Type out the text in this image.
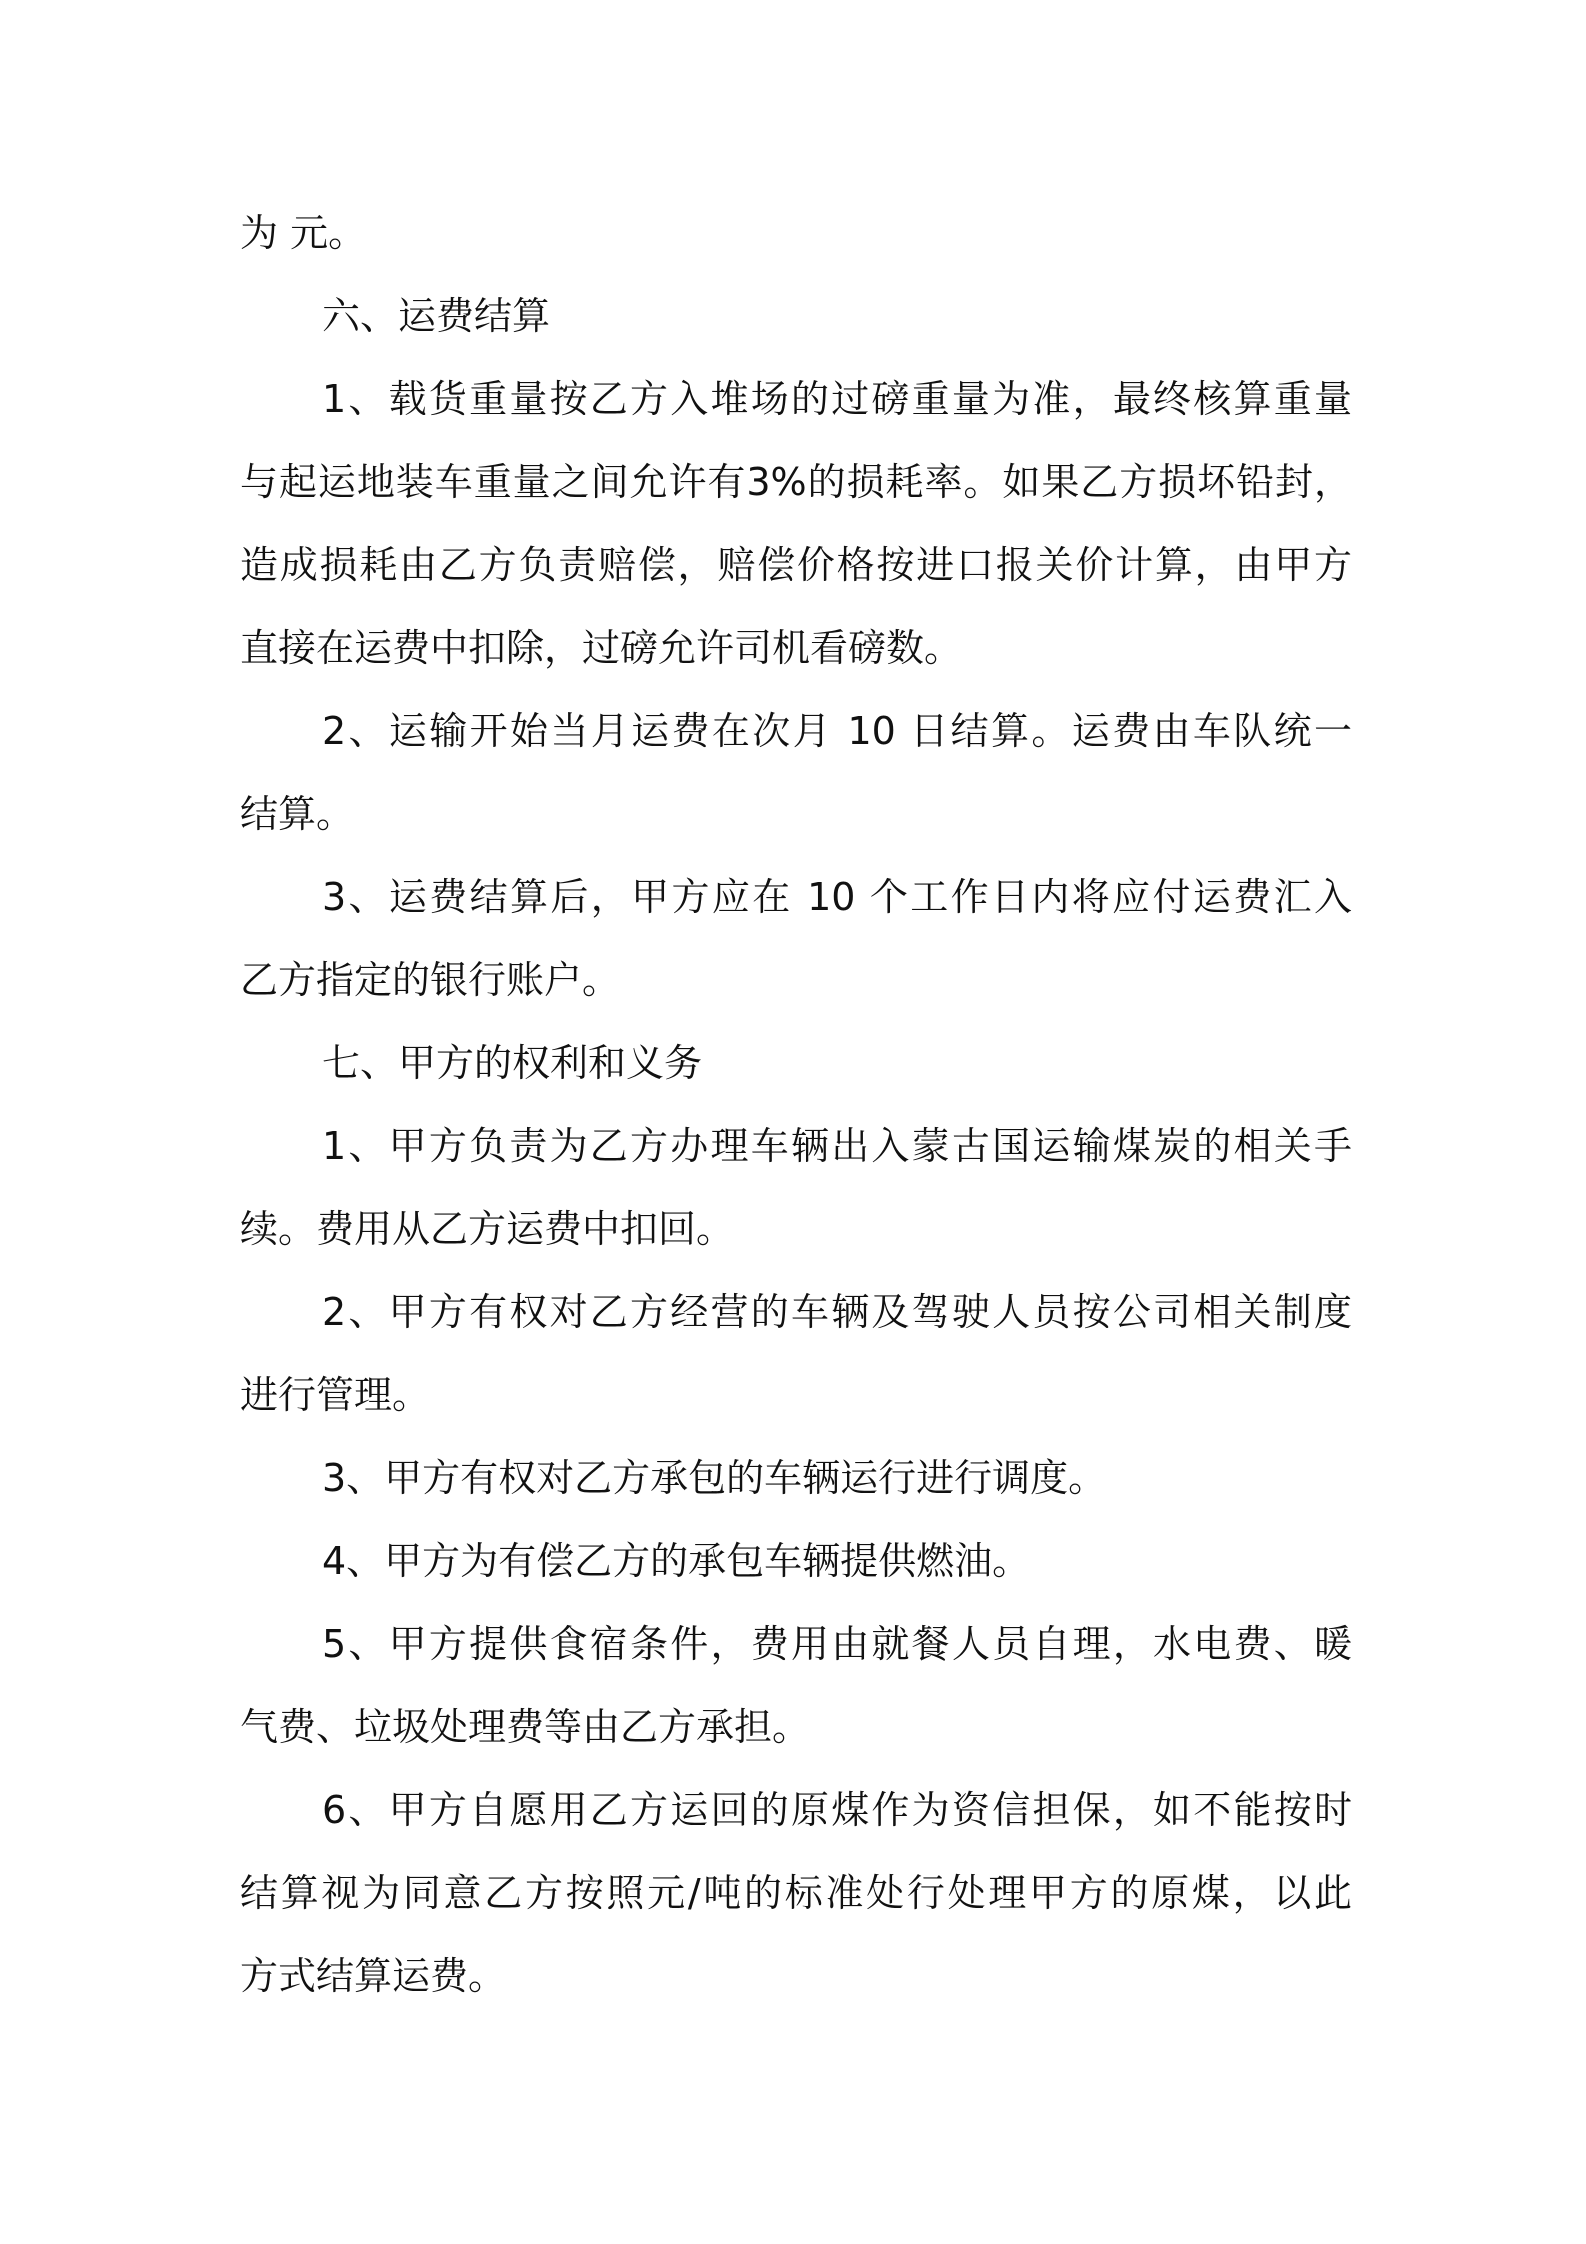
为 元。
六、运费结算
1、载货重量按乙方入堆场的过磅重量为准，最终核算重量
与起运地装车重量之间允许有3%的损耗率。如果乙方损坏铅封，
造成损耗由乙方负责赔偿，赔偿价格按进口报关价计算，由甲方
直接在运费中扣除，过磅允许司机看磅数。
2、运输开始当月运费在次月 10 日结算。运费由车队统一
结算。
3、运费结算后，甲方应在 10 个工作日内将应付运费汇入
乙方指定的银行账户。
七、甲方的权利和义务
1、甲方负责为乙方办理车辆出入蒙古国运输煤炭的相关手
续。费用从乙方运费中扣回。
2、甲方有权对乙方经营的车辆及驾驶人员按公司相关制度
进行管理。
3、甲方有权对乙方承包的车辆运行进行调度。
4、甲方为有偿乙方的承包车辆提供燃油。
5、甲方提供食宿条件，费用由就餐人员自理，水电费、暖
气费、垃圾处理费等由乙方承担。
6、甲方自愿用乙方运回的原煤作为资信担保，如不能按时
结算视为同意乙方按照元/吨的标准处行处理甲方的原煤，以此
方式结算运费。
